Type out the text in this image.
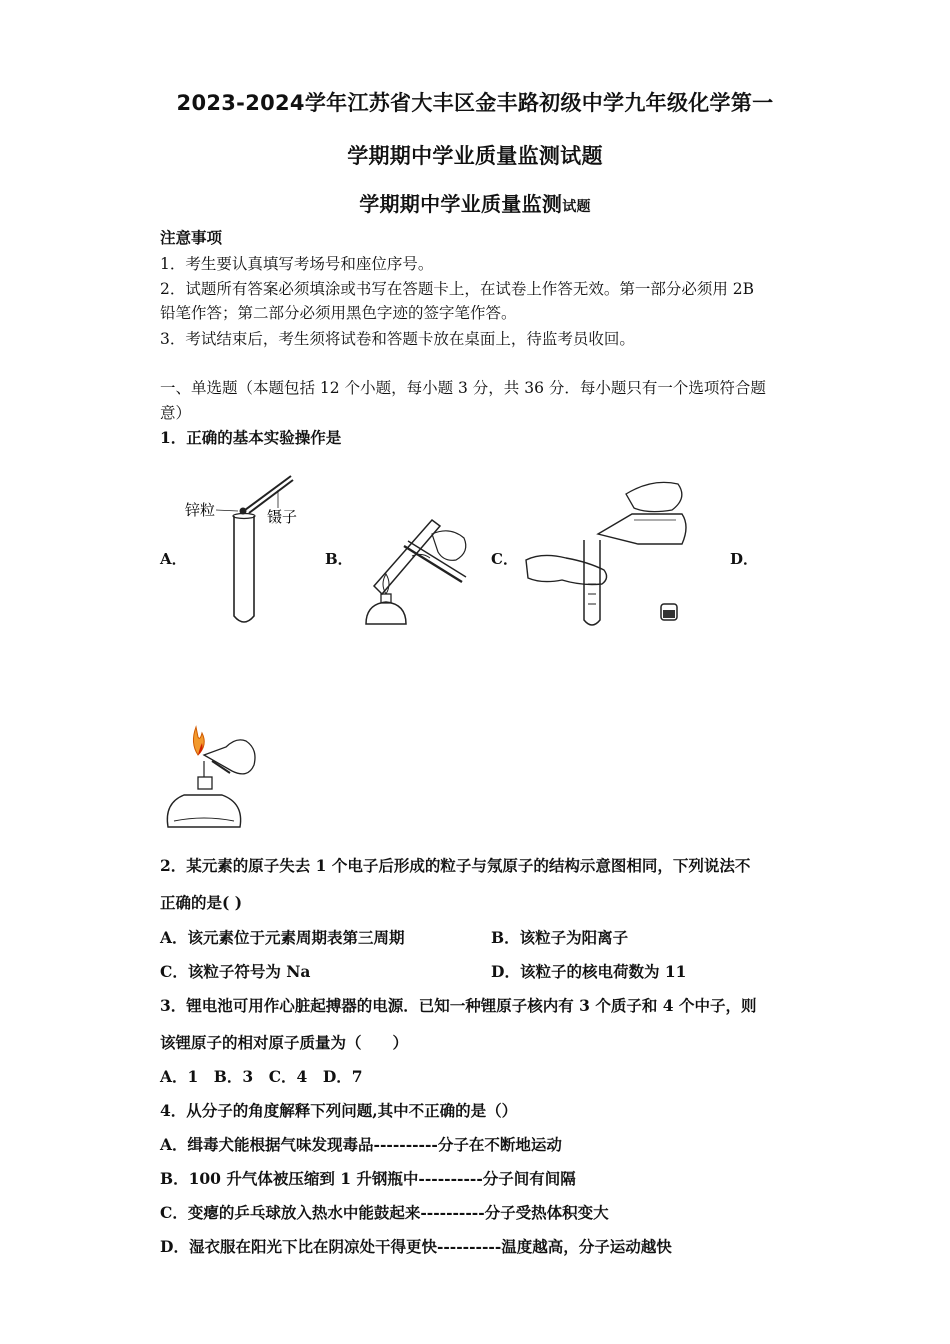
2023-2024学年江苏省大丰区金丰路初级中学九年级化学第一
学期期中学业质量监测试题
学期期中学业质量监测试题
注意事项
1．考生要认真填写考场号和座位序号。
2．试题所有答案必须填涂或书写在答题卡上，在试卷上作答无效。第一部分必须用 2B
铅笔作答；第二部分必须用黑色字迹的签字笔作答。
3．考试结束后，考生须将试卷和答题卡放在桌面上，待监考员收回。
一、单选题（本题包括 12 个小题，每小题 3 分，共 36 分．每小题只有一个选项符合题
意）
1．正确的基本实验操作是
A．	B．	C．	D．
锌粒	镊子
2．某元素的原子失去 1 个电子后形成的粒子与氖原子的结构示意图相同，下列说法不
正确的是( )
A．该元素位于元素周期表第三周期	B．该粒子为阳离子
C．该粒子符号为 Na	D．该粒子的核电荷数为 11
3．锂电池可用作心脏起搏器的电源．已知一种锂原子核内有 3 个质子和 4 个中子，则
该锂原子的相对原子质量为（　　）
A．1　B．3　C．4　D．7
4．从分子的角度解释下列问题,其中不正确的是（）
A．缉毒犬能根据气味发现毒品----------分子在不断地运动
B．100 升气体被压缩到 1 升钢瓶中----------分子间有间隔
C．变瘪的乒乓球放入热水中能鼓起来----------分子受热体积变大
D．湿衣服在阳光下比在阴凉处干得更快----------温度越高，分子运动越快
